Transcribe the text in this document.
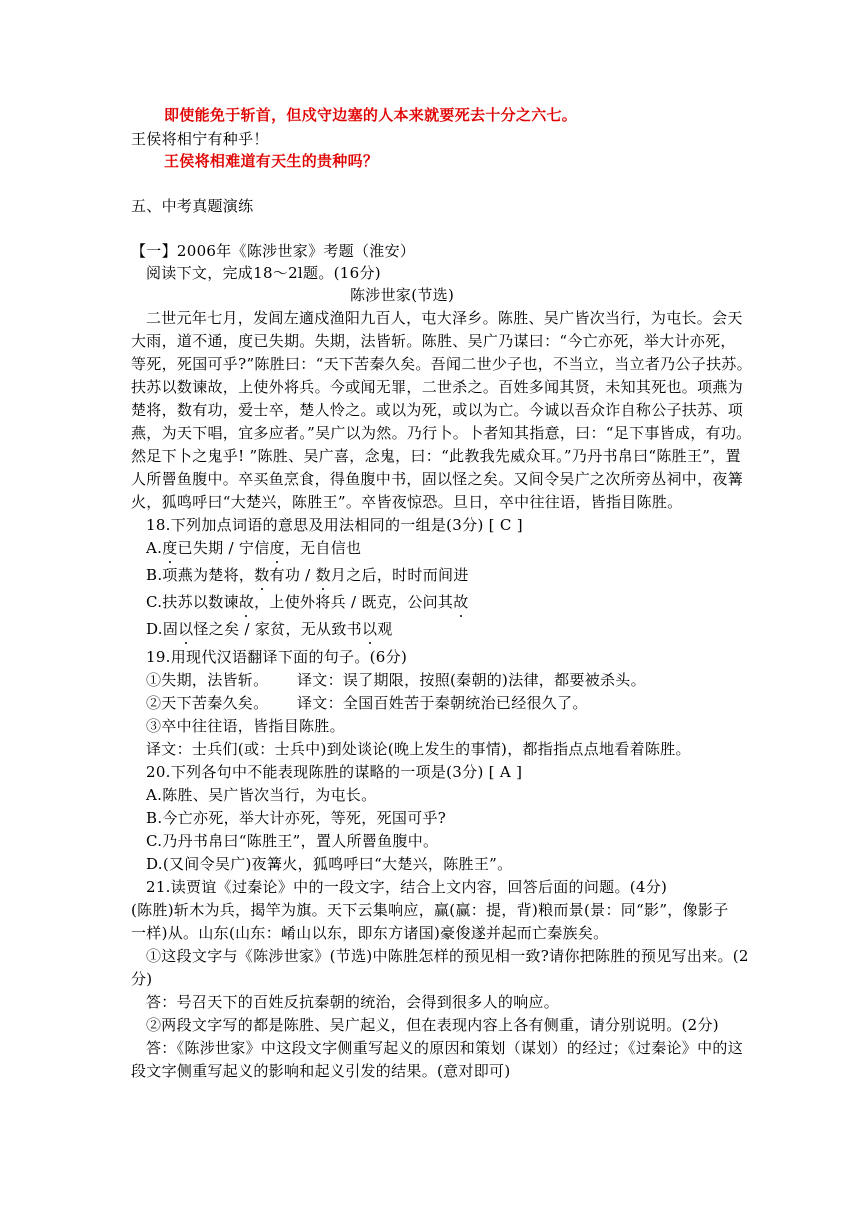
即使能免于斩首，但戍守边塞的人本来就要死去十分之六七。
王侯将相宁有种乎！
王侯将相难道有天生的贵种吗？
五、中考真题演练
【一】2006年《陈涉世家》考题（淮安）
阅读下文，完成18～2l题。(16分)
陈涉世家(节选)
二世元年七月，发闾左適戍渔阳九百人，屯大泽乡。陈胜、吴广皆次当行，为屯长。会天
大雨，道不通，度已失期。失期，法皆斩。陈胜、吴广乃谋曰：“今亡亦死，举大计亦死，
等死，死国可乎?”陈胜曰：“天下苦秦久矣。吾闻二世少子也，不当立，当立者乃公子扶苏。
扶苏以数谏故，上使外将兵。今或闻无罪，二世杀之。百姓多闻其贤，未知其死也。项燕为
楚将，数有功，爱士卒，楚人怜之。或以为死，或以为亡。今诚以吾众诈自称公子扶苏、项
燕，为天下唱，宜多应者。”吴广以为然。乃行卜。卜者知其指意，曰：“足下事皆成，有功。
然足下卜之鬼乎! ”陈胜、吴广喜，念鬼，曰：“此教我先威众耳。”乃丹书帛曰“陈胜王”，置
人所罾鱼腹中。卒买鱼烹食，得鱼腹中书，固以怪之矣。又间令吴广之次所旁丛祠中，夜篝
火，狐鸣呼曰“大楚兴，陈胜王”。卒皆夜惊恐。旦日，卒中往往语，皆指目陈胜。
18.下列加点词语的意思及用法相同的一组是(3分) [ C ]
A.度已失期 / 宁信度，无自信也
B.项燕为楚将，数有功 / 数月之后，时时而间进
C.扶苏以数谏故，上使外将兵 / 既克，公问其故
D.固以怪之矣 / 家贫，无从致书以观
19.用现代汉语翻译下面的句子。(6分)
①失期，法皆斩。 译文：误了期限，按照(秦朝的)法律，都要被杀头。
②天下苦秦久矣。 译文：全国百姓苦于秦朝统治已经很久了。
③卒中往往语，皆指目陈胜。
译文：士兵们(或：士兵中)到处谈论(晚上发生的事情)，都指指点点地看着陈胜。
20.下列各句中不能表现陈胜的谋略的一项是(3分) [ A ]
A.陈胜、吴广皆次当行，为屯长。
B.今亡亦死，举大计亦死，等死，死国可乎?
C.乃丹书帛曰“陈胜王”，置人所罾鱼腹中。
D.(又间令吴广)夜篝火，狐鸣呼曰“大楚兴，陈胜王”。
21.读贾谊《过秦论》中的一段文字，结合上文内容，回答后面的问题。(4分)
(陈胜)斩木为兵，揭竿为旗。天下云集响应，赢(赢：提，背)粮而景(景：同“影”，像影子
一样)从。山东(山东：崤山以东，即东方诸国)豪俊遂并起而亡秦族矣。
①这段文字与《陈涉世家》(节选)中陈胜怎样的预见相一致?请你把陈胜的预见写出来。(2
分)
答：号召天下的百姓反抗秦朝的统治，会得到很多人的响应。
②两段文字写的都是陈胜、吴广起义，但在表现内容上各有侧重，请分别说明。(2分)
答：《陈涉世家》中这段文字侧重写起义的原因和策划（谋划）的经过；《过秦论》中的这
段文字侧重写起义的影响和起义引发的结果。(意对即可)
